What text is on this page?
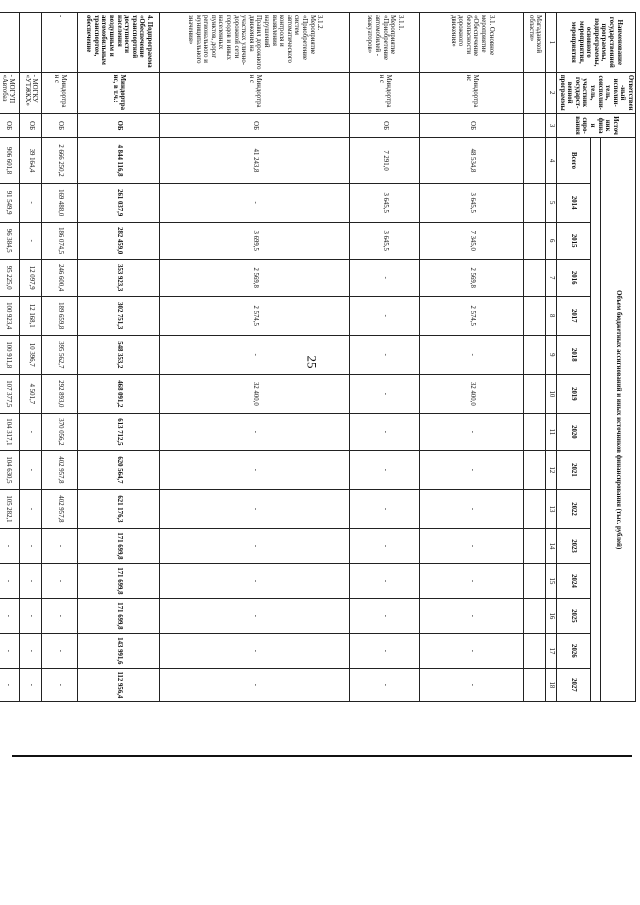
25
Наименование государственной программы, подпрограммы, основного мероприятия, мероприятия	Ответствен-ный исполни-тель, соисполни-тель, участник государст-венной программы	Источ ник финан сиро- вания	Объем бюджетных ассигнований и иных источников финансирования (тыс. рублей)														

			Всего	2014	2015	2016	2017	2018	2019	2020	2021	2022	2023	2024	2025	2026	2027
1	2	3	4	5	6	7	8	9	10	11	12	13	14	15	16	17	18
Магаданской области»																	
3.1. Основное мероприятие «Обеспечение безопасности дорожного движения»	Миндортра нс	ОБ	48 534,8	3 645,5	7 345,0	2 569,8	2 574,5	-	32 400,0	-	-	-	-	-	-	-	-
3.1.1. Мероприятие «Приобретение автомобилей - эвакуаторов»	Миндортран с	ОБ	7 291,0	3 645,5	3 645,5	-	-	-	-	-	-	-	-	-	-	-	-
3.1.2. Мероприятие «Приобретение систем автоматического контроля и выявления нарушений Правил дорожного движения на участках улично-дорожной сети городов и иных населенных пунктов, дорог регионального и муниципального значения»	Миндортран с	ОБ	41 243,8	-	3 699,5	2 569,8	2 574,5	-	32 400,0	-	-	-	-	-	-	-	-
4. Подпрограмма «Обеспечение транспортной доступности населения воздушным и автомобильным транспортом, обеспечение	Миндортра нс, в т.ч.:	ОБ	4 844 116,8	261 037,9	282 459,0	353 923,3	302 751,3	548 353,2	468 091,2	613 712,5	620 564,7	621 176,3	171 699,8	171 699,8	171 699,8	143 991,6	112 956,4
-	Миндортран с	ОБ	2 666 250,2	169 488,0	186 074,5	246 600,4	189 659,8	395 562,7	292 893,0	370 056,2	402 957,8	402 957,8	-	-	-	-	-
	- МОГКУ «УТЖКХ»	ОБ	39 164,4	-	-	12 097,9	12 168,1	10 396,7	4 501,7	-	-	-	-	-	-	-	-
	- МОГУП «Автобаз	ОБ	906 601,8	91 549,9	96 384,5	95 225,0	100 923,4	100 911,8	107 377,5	104 317,1	104 630,5	105 282,1	-	-	-	-	-
